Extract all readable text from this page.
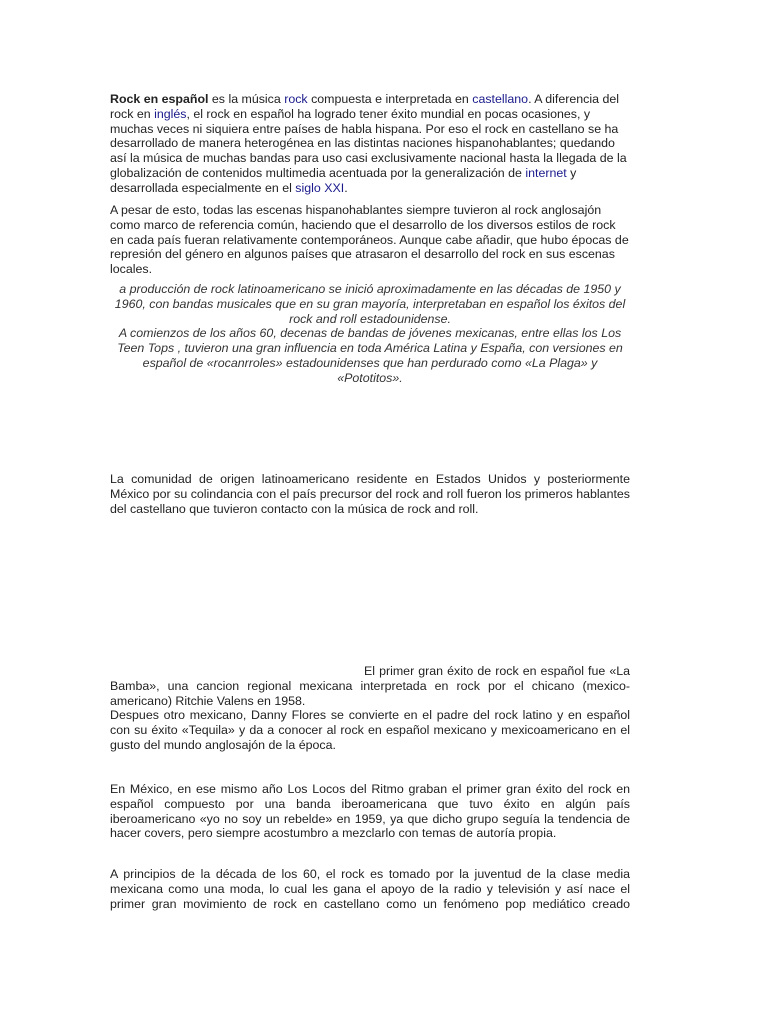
Rock en español es la música rock compuesta e interpretada en castellano. A diferencia del rock en inglés, el rock en español ha logrado tener éxito mundial en pocas ocasiones, y muchas veces ni siquiera entre países de habla hispana. Por eso el rock en castellano se ha desarrollado de manera heterogénea en las distintas naciones hispanohablantes; quedando así la música de muchas bandas para uso casi exclusivamente nacional hasta la llegada de la globalización de contenidos multimedia acentuada por la generalización de internet y desarrollada especialmente en el siglo XXI.

A pesar de esto, todas las escenas hispanohablantes siempre tuvieron al rock anglosajón como marco de referencia común, haciendo que el desarrollo de los diversos estilos de rock en cada país fueran relativamente contemporáneos. Aunque cabe añadir, que hubo épocas de represión del género en algunos países que atrasaron el desarrollo del rock en sus escenas locales.

a producción de rock latinoamericano se inició aproximadamente en las décadas de 1950 y 1960, con bandas musicales que en su gran mayoría, interpretaban en español los éxitos del rock and roll estadounidense.
A comienzos de los años 60, decenas de bandas de jóvenes mexicanas, entre ellas los Los Teen Tops , tuvieron una gran influencia en toda América Latina y España, con versiones en español de «rocanrroles» estadounidenses que han perdurado como «La Plaga» y «Pototitos».

La comunidad de origen latinoamericano residente en Estados Unidos y posteriormente México por su colindancia con el país precursor del rock and roll fueron los primeros hablantes del castellano que tuvieron contacto con la música de rock and roll.

El primer gran éxito de rock en español fue «La Bamba», una cancion regional mexicana interpretada en rock por el chicano (mexico-americano) Ritchie Valens en 1958.
Despues otro mexicano, Danny Flores se convierte en el padre del rock latino y en español con su éxito «Tequila» y da a conocer al rock en español mexicano y mexicoamericano en el gusto del mundo anglosajón de la época.

En México, en ese mismo año Los Locos del Ritmo graban el primer gran éxito del rock en español compuesto por una banda iberoamericana que tuvo éxito en algún país iberoamericano «yo no soy un rebelde» en 1959, ya que dicho grupo seguía la tendencia de hacer covers, pero siempre acostumbro a mezclarlo con temas de autoría propia.

A principios de la década de los 60, el rock es tomado por la juventud de la clase media mexicana como una moda, lo cual les gana el apoyo de la radio y televisión y así nace el primer gran movimiento de rock en castellano como un fenómeno pop mediático creado
